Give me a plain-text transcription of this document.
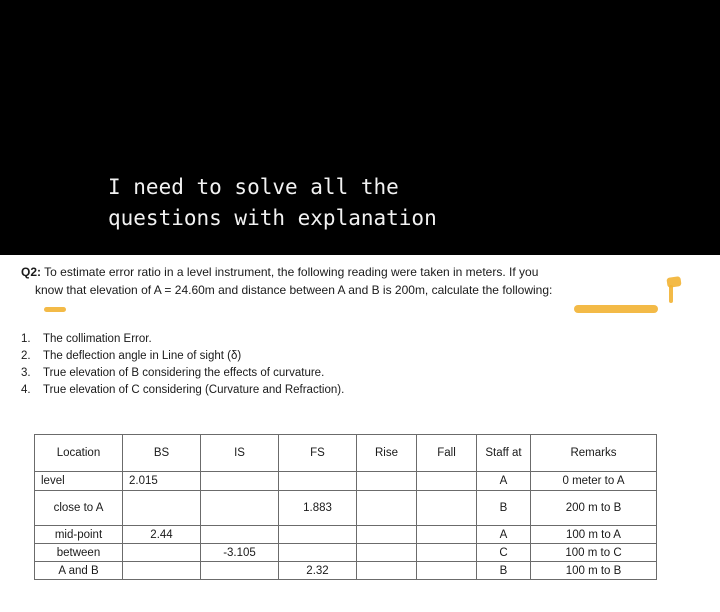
I need to solve all the
questions with explanation

Q2: To estimate error ratio in a level instrument, the following reading were taken in meters. If you
know that elevation of A = 24.60m and distance between A and B is 200m, calculate the following:

1.	The collimation Error.
2.	The deflection angle in Line of sight (δ)
3.	True elevation of B considering the effects of curvature.
4.	True elevation of C considering (Curvature and Refraction).
Location	BS	IS	FS	Rise	Fall	Staff at	Remarks
level	2.015					A	0 meter to A
close to A			1.883			B	200 m to B
mid-point	2.44					A	100 m to A
between		-3.105				C	100 m to C
A and B			2.32			B	100 m to B
